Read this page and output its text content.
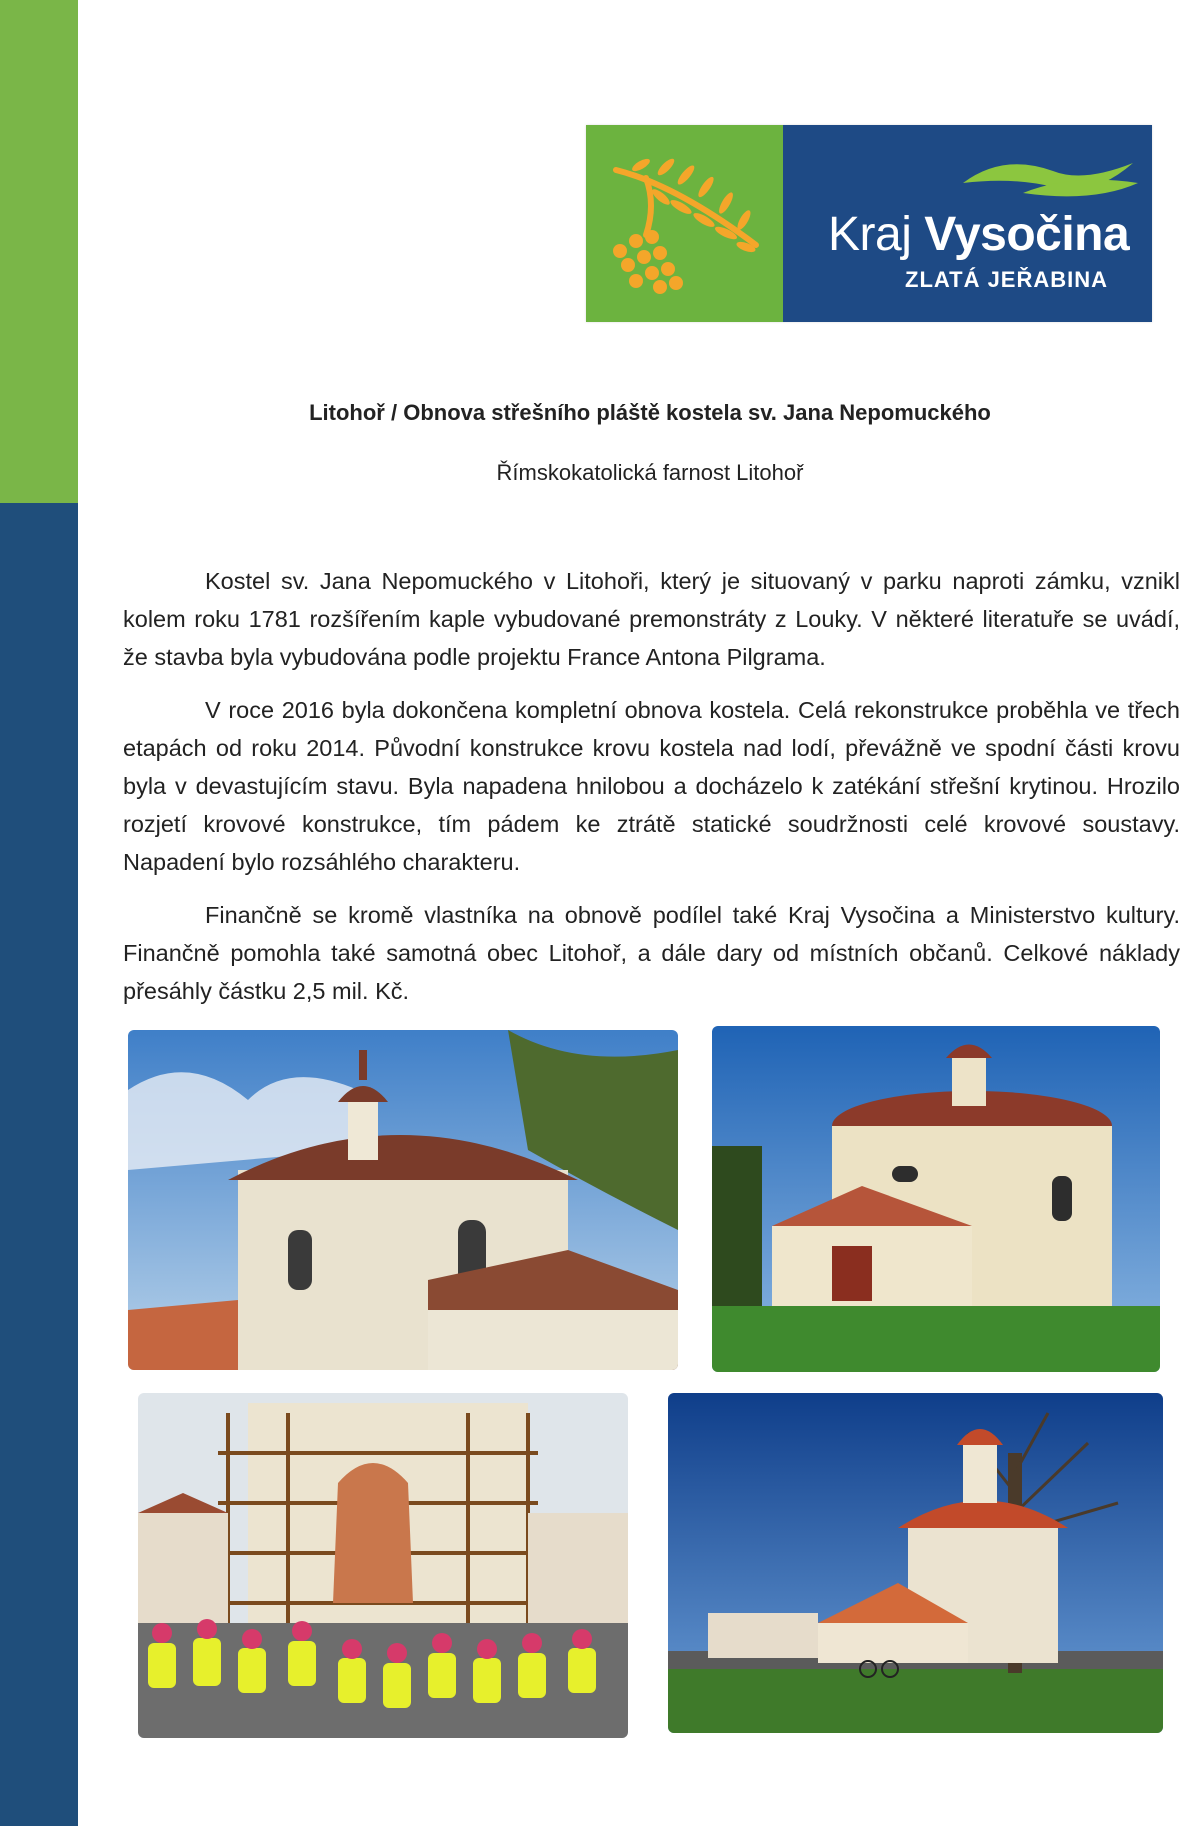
Kraj Vysočina
ZLATÁ JEŘABINA
Litohoř / Obnova střešního pláště kostela sv. Jana Nepomuckého
Římskokatolická farnost Litohoř

Kostel sv. Jana Nepomuckého v Litohoři, který je situovaný v parku naproti zámku, vznikl kolem roku 1781 rozšířením kaple vybudované premonstráty z Louky. V některé literatuře se uvádí, že stavba byla vybudována podle projektu France Antona Pilgrama.

V roce 2016 byla dokončena kompletní obnova kostela. Celá rekonstrukce proběhla ve třech etapách od roku 2014. Původní konstrukce krovu kostela nad lodí, převážně ve spodní části krovu byla v devastujícím stavu. Byla napadena hnilobou a docházelo k zatékání střešní krytinou. Hrozilo rozjetí krovové konstrukce, tím pádem ke ztrátě statické soudržnosti celé krovové soustavy. Napadení bylo rozsáhlého charakteru.

Finančně se kromě vlastníka na obnově podílel také Kraj Vysočina a Ministerstvo kultury. Finančně pomohla také samotná obec Litohoř, a dále dary od místních občanů. Celkové náklady přesáhly částku 2,5 mil. Kč.
